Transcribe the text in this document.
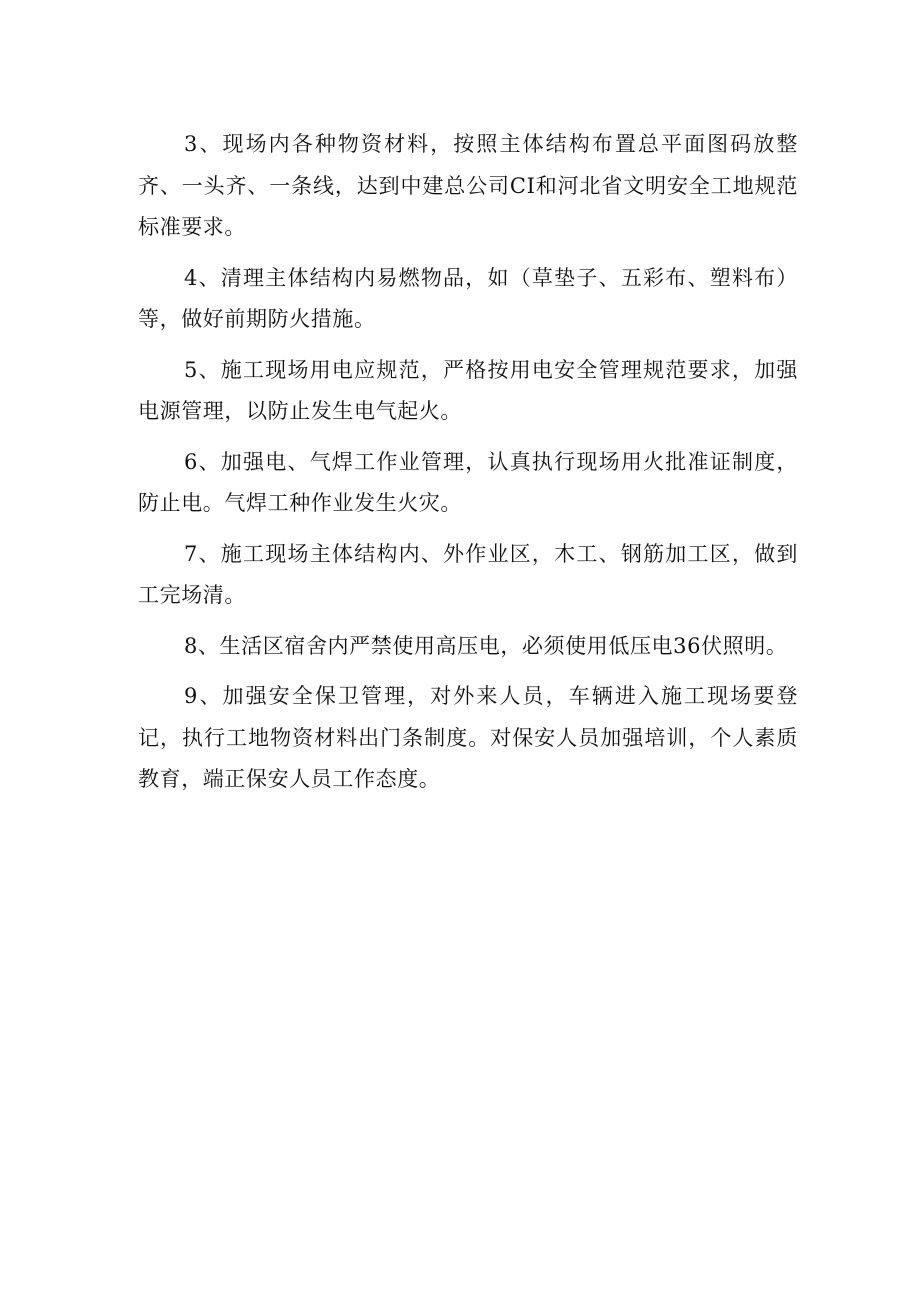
3、现场内各种物资材料，按照主体结构布置总平面图码放整齐、一头齐、一条线，达到中建总公司CI和河北省文明安全工地规范标准要求。

4、清理主体结构内易燃物品，如（草垫子、五彩布、塑料布）等，做好前期防火措施。

5、施工现场用电应规范，严格按用电安全管理规范要求，加强电源管理，以防止发生电气起火。

6、加强电、气焊工作业管理，认真执行现场用火批准证制度，防止电。气焊工种作业发生火灾。

7、施工现场主体结构内、外作业区，木工、钢筋加工区，做到工完场清。

8、生活区宿舍内严禁使用高压电，必须使用低压电36伏照明。

9、加强安全保卫管理，对外来人员，车辆进入施工现场要登记，执行工地物资材料出门条制度。对保安人员加强培训，个人素质教育，端正保安人员工作态度。
